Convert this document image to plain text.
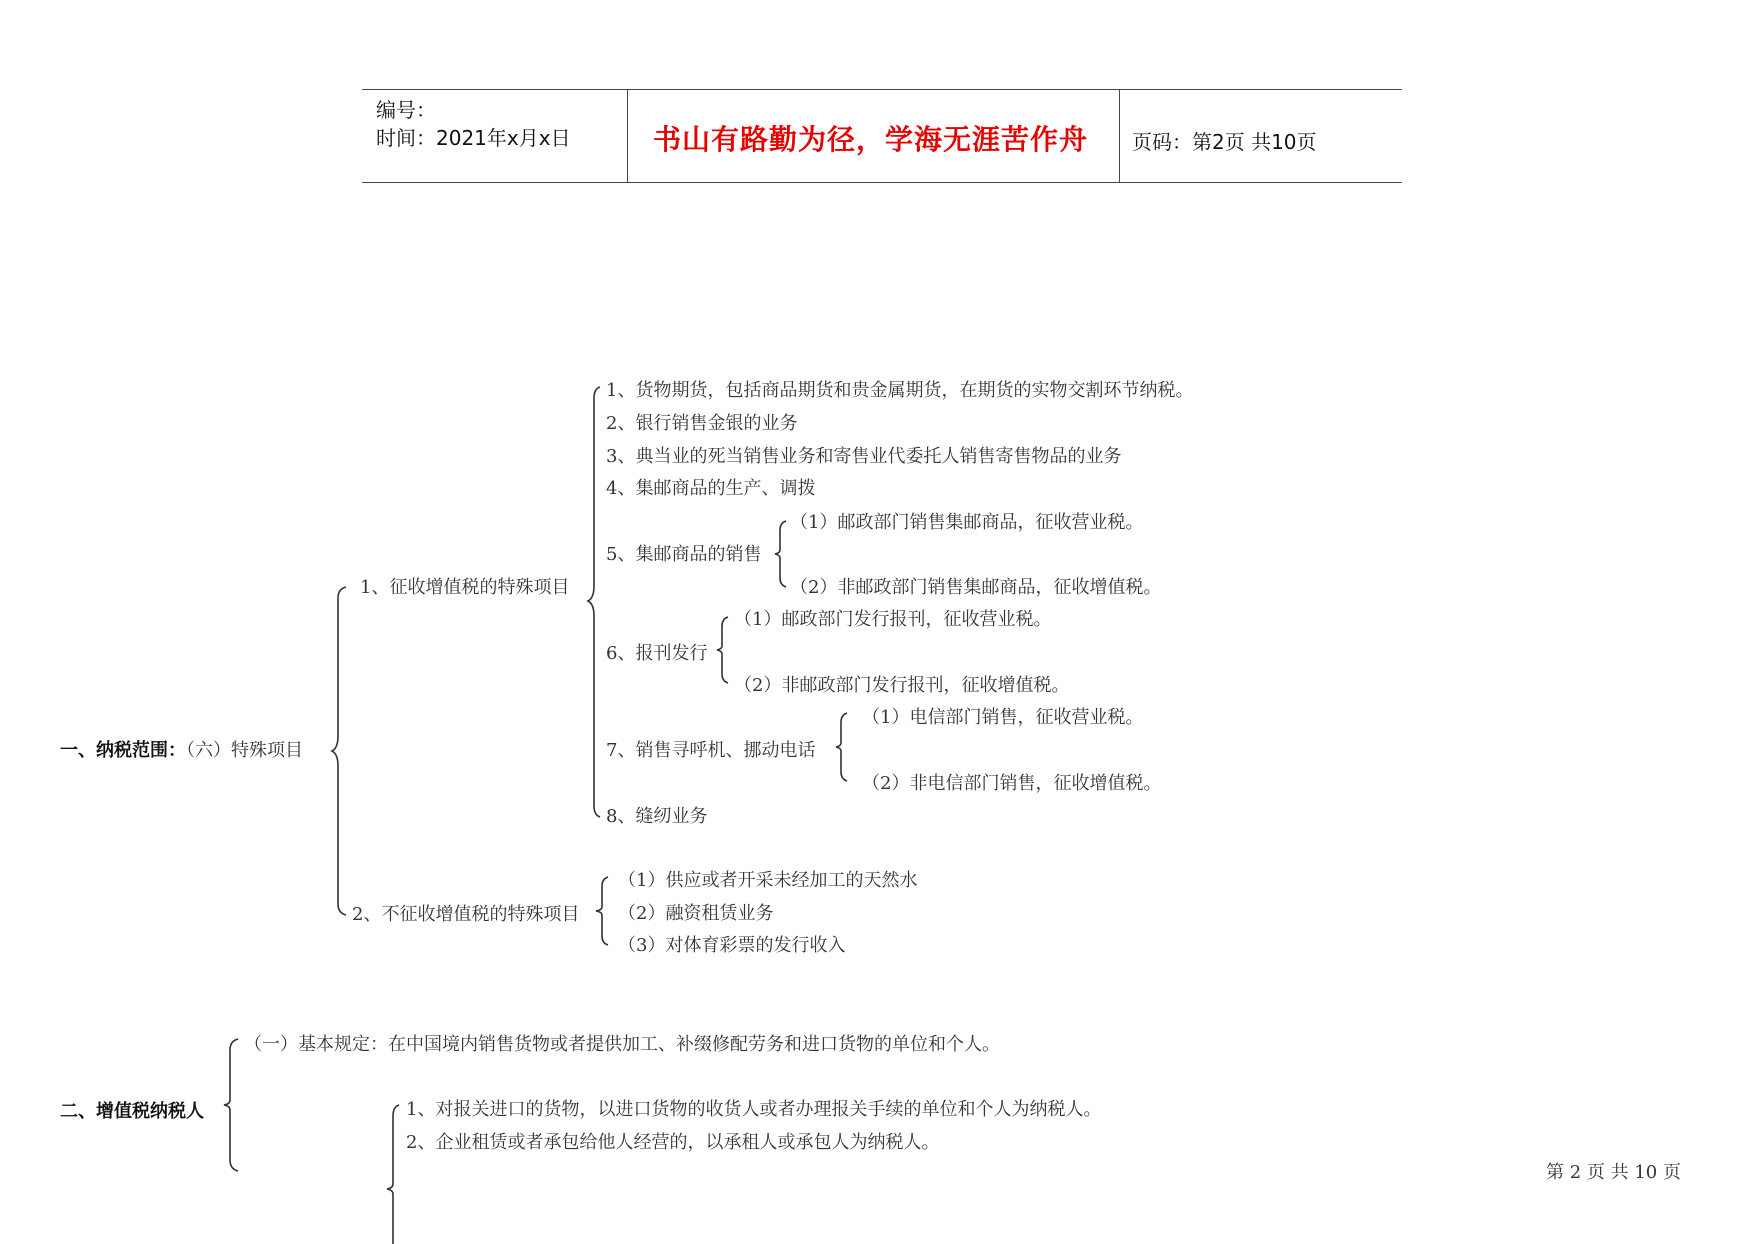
编号：
时间：2021年x月x日	书山有路勤为径，学海无涯苦作舟 页码：第2页 共10页
一、纳税范围：（六）特殊项目
1、征收增值税的特殊项目
1、货物期货，包括商品期货和贵金属期货，在期货的实物交割环节纳税。
2、银行销售金银的业务
3、典当业的死当销售业务和寄售业代委托人销售寄售物品的业务
4、集邮商品的生产、调拨
5、集邮商品的销售
6、报刊发行
7、销售寻呼机、挪动电话
8、缝纫业务
（1）邮政部门销售集邮商品，征收营业税。
（2）非邮政部门销售集邮商品，征收增值税。
（1）邮政部门发行报刊，征收营业税。
（2）非邮政部门发行报刊，征收增值税。
（1）电信部门销售，征收营业税。
（2）非电信部门销售，征收增值税。
2、不征收增值税的特殊项目
（1）供应或者开采未经加工的天然水
（2）融资租赁业务
（3）对体育彩票的发行收入
二、增值税纳税人
（一）基本规定：在中国境内销售货物或者提供加工、补缀修配劳务和进口货物的单位和个人。
1、对报关进口的货物，以进口货物的收货人或者办理报关手续的单位和个人为纳税人。
2、企业租赁或者承包给他人经营的，以承租人或承包人为纳税人。
第 2 页 共 10 页
